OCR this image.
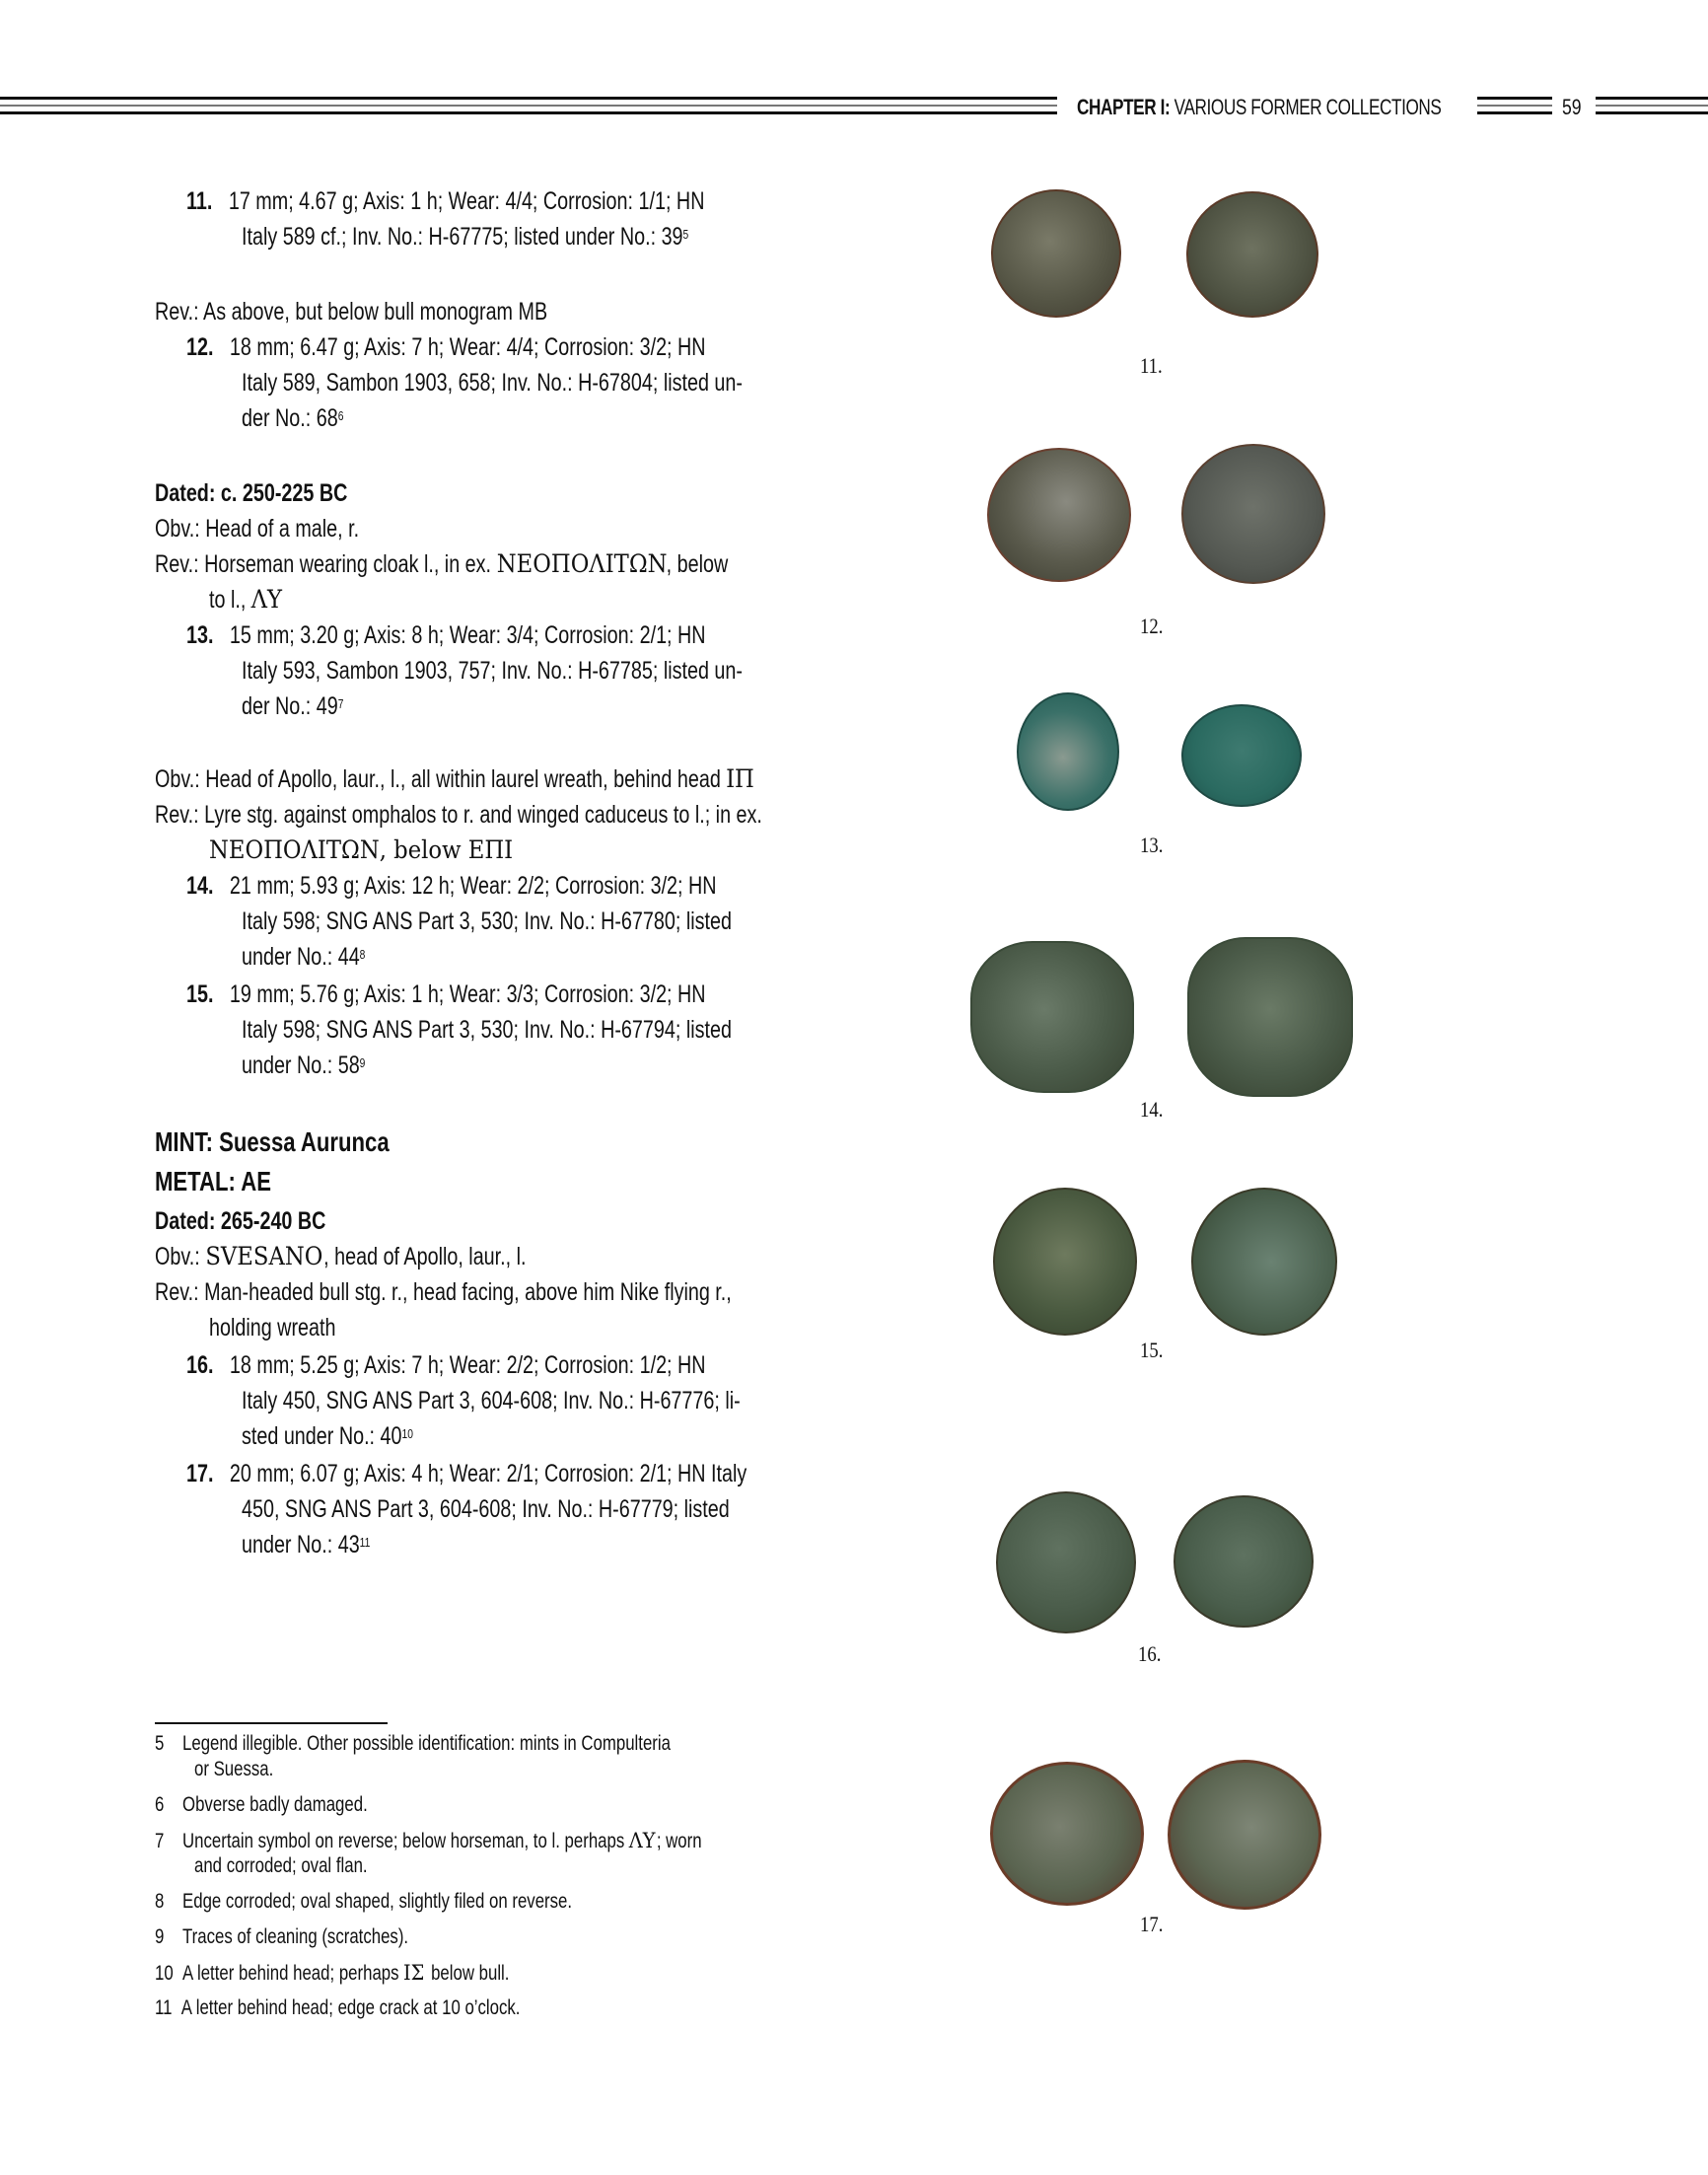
CHAPTER I: VARIOUS FORMER COLLECTIONS	59
11. 17 mm; 4.67 g; Axis: 1 h; Wear: 4/4; Corrosion: 1/1; HN
Italy 589 cf.; Inv. No.: H-67775; listed under No.: $39^5$
Rev.: As above, but below bull monogram MB
12. 18 mm; 6.47 g; Axis: 7 h; Wear: 4/4; Corrosion: 3/2; HN
Italy 589, Sambon 1903, 658; Inv. No.: H-67804; listed un-
der No.: $68^6$
Dated: c. 250-225 BC
Obv.: Head of a male, r.
Rev.: Horseman wearing cloak l., in ex. ΝΕΟΠΟΛΙΤΩΝ    , below
to l., ΛΥ
13. 15 mm; 3.20 g; Axis: 8 h; Wear: 3/4; Corrosion: 2/1; HN
Italy 593, Sambon 1903, 757; Inv. No.: H-67785; listed un-
der No.: $49^7$
Obv.: Head of Apollo, laur., l., all within laurel wreath, behind head ΙΠ
Rev.: Lyre stg. against omphalos to r. and winged caduceus to l.; in ex.
ΝΕΟΠΟΛΙΤΩΝ, below ΕΠΙ
14. 21 mm; 5.93 g; Axis: 12 h; Wear: 2/2; Corrosion: 3/2; HN
Italy 598; SNG ANS Part 3, 530; Inv. No.: H-67780; listed
under No.: $44^8$
15. 19 mm; 5.76 g; Axis: 1 h; Wear: 3/3; Corrosion: 3/2; HN
Italy 598; SNG ANS Part 3, 530; Inv. No.: H-67794; listed
under No.: $58^9$
MINT: Suessa Aurunca
METAL: AE
Dated: 265-240 BC
Obv.: SVESANO   , head of Apollo, laur., l.
Rev.: Man-headed bull stg. r., head facing, above him Nike flying r.,
holding wreath
16. 18 mm; 5.25 g; Axis: 7 h; Wear: 2/2; Corrosion: 1/2; HN
Italy 450, SNG ANS Part 3, 604-608; Inv. No.: H-67776; li-
sted under No.: $40^{10}$
17. 20 mm; 6.07 g; Axis: 4 h; Wear: 2/1; Corrosion: 2/1; HN Italy
450, SNG ANS Part 3, 604-608; Inv. No.: H-67779; listed
under No.: $43^{11}$
5 Legend illegible. Other possible identification: mints in Compulteria
or Suessa.
6 Obverse badly damaged.
7 Uncertain symbol on reverse; below horseman, to l. perhaps ΛΥ ; worn
and corroded; oval flan.
8 Edge corroded; oval shaped, slightly filed on reverse.
9 Traces of cleaning (scratches).
10 A letter behind head; perhaps ΙΣ  below bull.
11 A letter behind head; edge crack at 10 o’clock.
11.
12.
13.
14.
15.
16.
17.
